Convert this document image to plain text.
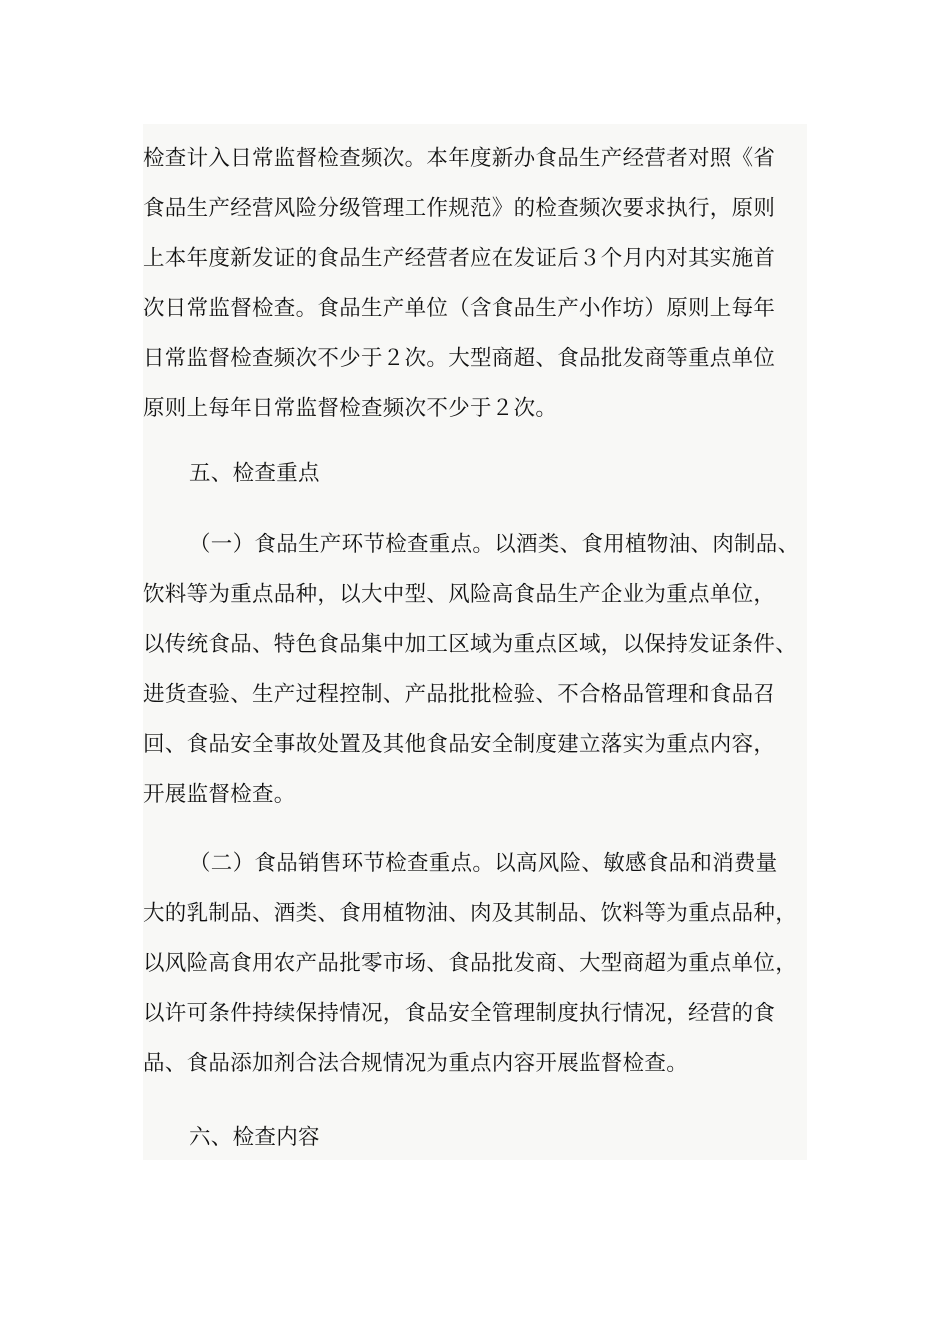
检查计入日常监督检查频次。本年度新办食品生产经营者对照《省
食品生产经营风险分级管理工作规范》的检查频次要求执行，原则
上本年度新发证的食品生产经营者应在发证后３个月内对其实施首
次日常监督检查。食品生产单位（含食品生产小作坊）原则上每年
日常监督检查频次不少于２次。大型商超、食品批发商等重点单位
原则上每年日常监督检查频次不少于２次。
五、检查重点
（一）食品生产环节检查重点。以酒类、食用植物油、肉制品、
饮料等为重点品种，以大中型、风险高食品生产企业为重点单位，
以传统食品、特色食品集中加工区域为重点区域，以保持发证条件、
进货查验、生产过程控制、产品批批检验、不合格品管理和食品召
回、食品安全事故处置及其他食品安全制度建立落实为重点内容，
开展监督检查。
（二）食品销售环节检查重点。以高风险、敏感食品和消费量
大的乳制品、酒类、食用植物油、肉及其制品、饮料等为重点品种，
以风险高食用农产品批零市场、食品批发商、大型商超为重点单位，
以许可条件持续保持情况，食品安全管理制度执行情况，经营的食
品、食品添加剂合法合规情况为重点内容开展监督检查。
六、检查内容
